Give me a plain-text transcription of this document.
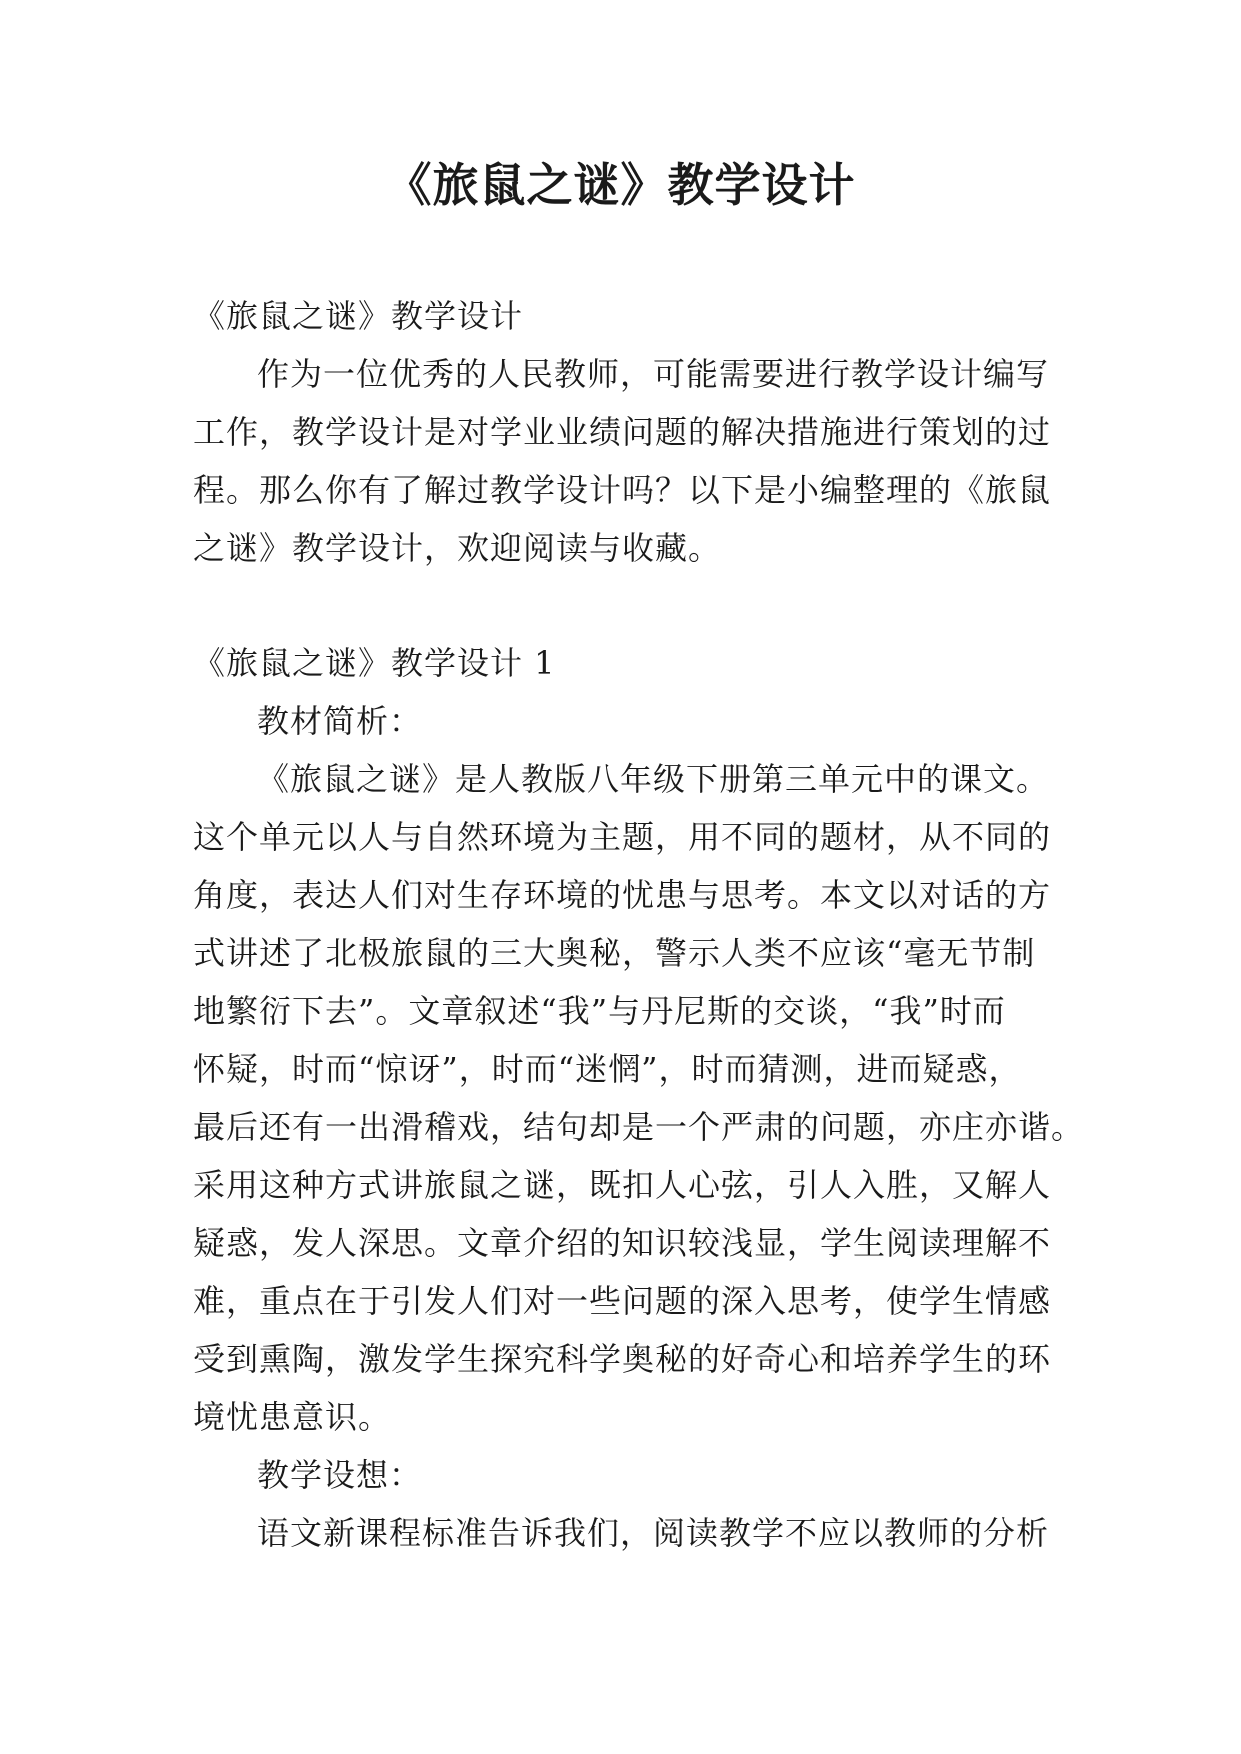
《旅鼠之谜》教学设计
《旅鼠之谜》教学设计
作为一位优秀的人民教师，可能需要进行教学设计编写
工作，教学设计是对学业业绩问题的解决措施进行策划的过
程。那么你有了解过教学设计吗？以下是小编整理的《旅鼠
之谜》教学设计，欢迎阅读与收藏。
《旅鼠之谜》教学设计 1
教材简析：
《旅鼠之谜》是人教版八年级下册第三单元中的课文。
这个单元以人与自然环境为主题，用不同的题材，从不同的
角度，表达人们对生存环境的忧患与思考。本文以对话的方
式讲述了北极旅鼠的三大奥秘，警示人类不应该“毫无节制
地繁衍下去”。文章叙述“我”与丹尼斯的交谈，“我”时而
怀疑，时而“惊讶”，时而“迷惘”，时而猜测，进而疑惑，
最后还有一出滑稽戏，结句却是一个严肃的问题，亦庄亦谐。
采用这种方式讲旅鼠之谜，既扣人心弦，引人入胜，又解人
疑惑，发人深思。文章介绍的知识较浅显，学生阅读理解不
难，重点在于引发人们对一些问题的深入思考，使学生情感
受到熏陶，激发学生探究科学奥秘的好奇心和培养学生的环
境忧患意识。
教学设想：
语文新课程标准告诉我们，阅读教学不应以教师的分析
